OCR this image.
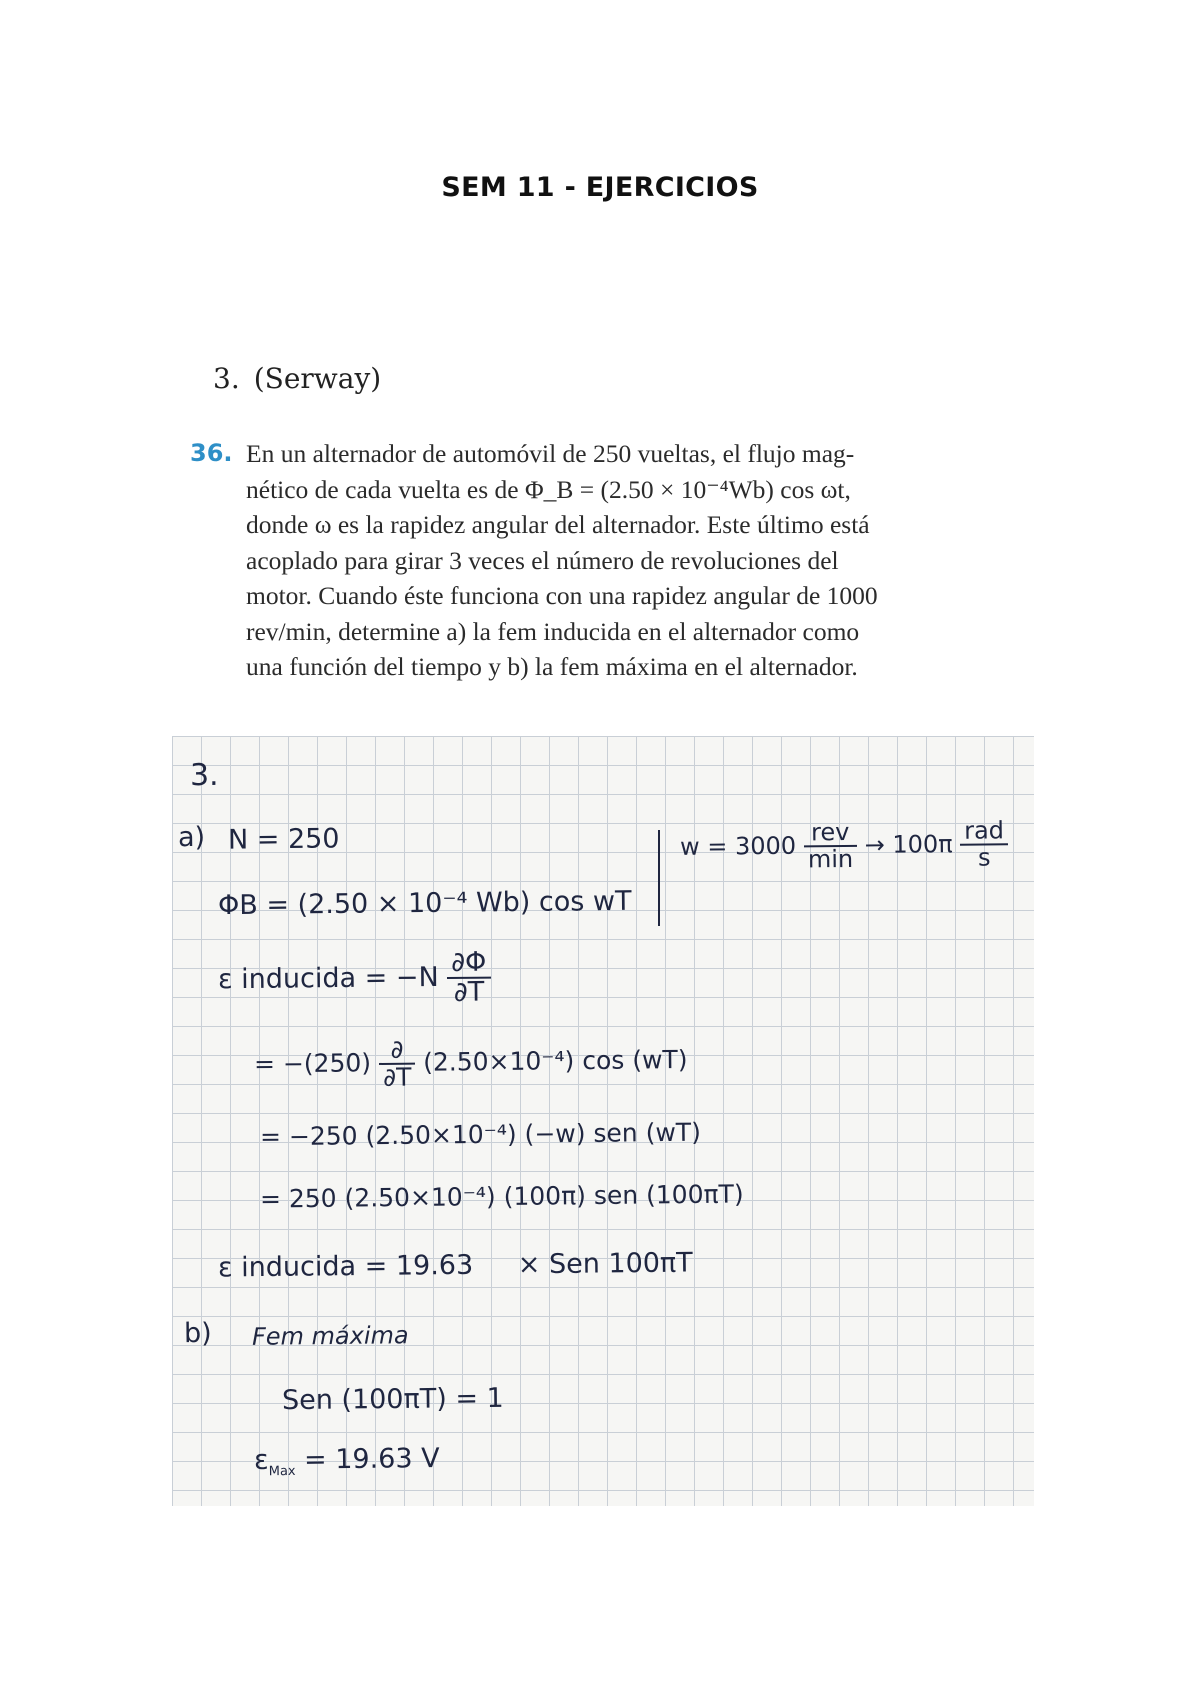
SEM 11 - EJERCICIOS
3. (Serway)
36. En un alternador de automóvil de 250 vueltas, el flujo mag-
nético de cada vuelta es de Φ_B = (2.50 × 10⁻⁴Wb) cos ωt,
donde ω es la rapidez angular del alternador. Este último está
acoplado para girar 3 veces el número de revoluciones del
motor. Cuando éste funciona con una rapidez angular de 1000
rev/min, determine a) la fem inducida en el alternador como
una función del tiempo y b) la fem máxima en el alternador.
3.
a) N = 250	$w = 3000 \frac{\text{rev}}{\min} \to 100\pi \frac{\text{rad}}{s}$
ΦB = (2.50 × 10⁻⁴ Wb) cos wT
ε inducida = $-N \frac{\partial\Phi}{\partial T}$
= $-(250) \frac{\partial}{\partial T} (2.50\times 10^{-4})$ cos (wT)
= −250 (2.50×10⁻⁴) (−w) sen (wT)
= 250 (2.50×10⁻⁴) (100π) sen (100πT)
ε inducida = 19.63 × Sen 100πT
b) Fem máxima
Sen (100πT) = 1
$\varepsilon_{Max} = 19.63$ V
